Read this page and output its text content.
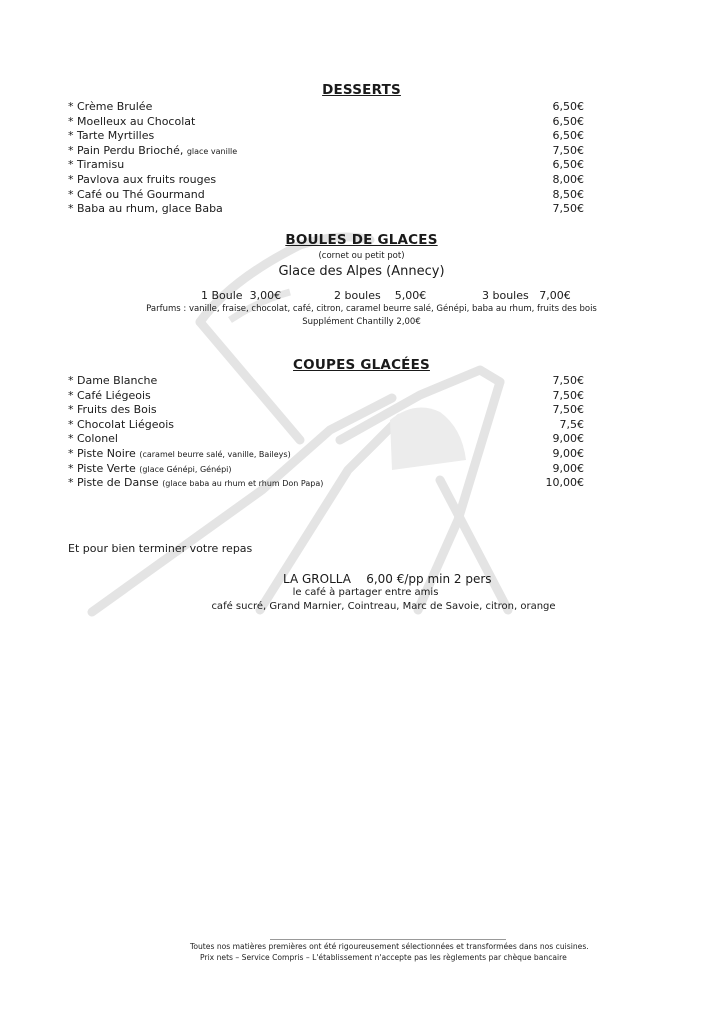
DESSERTS
* Crème Brulée	6,50€
* Moelleux au Chocolat	6,50€
* Tarte Myrtilles	6,50€
* Pain Perdu Brioché, glace vanille	7,50€
* Tiramisu	6,50€
* Pavlova aux fruits rouges	8,00€
* Café ou Thé Gourmand	8,50€
* Baba au rhum, glace Baba	7,50€
BOULES DE GLACES
(cornet ou petit pot)
Glace des Alpes (Annecy)
1 Boule 3,00€	2 boules 5,00€	3 boules 7,00€
Parfums : vanille, fraise, chocolat, café, citron, caramel beurre salé, Génépi, baba au rhum, fruits des bois
Supplément Chantilly 2,00€
COUPES GLACÉES
* Dame Blanche	7,50€
* Café Liégeois	7,50€
* Fruits des Bois	7,50€
* Chocolat Liégeois	7,5€
* Colonel	9,00€
* Piste Noire (caramel beurre salé, vanille, Baileys)	9,00€
* Piste Verte (glace Génépi, Génépi)	9,00€
* Piste de Danse (glace baba au rhum et rhum Don Papa)	10,00€
Et pour bien terminer votre repas
LA GROLLA 6,00 €/pp min 2 pers
le café à partager entre amis
café sucré, Grand Marnier, Cointreau, Marc de Savoie, citron, orange
Toutes nos matières premières ont été rigoureusement sélectionnées et transformées dans nos cuisines.
Prix nets – Service Compris – L'établissement n'accepte pas les règlements par chèque bancaire
